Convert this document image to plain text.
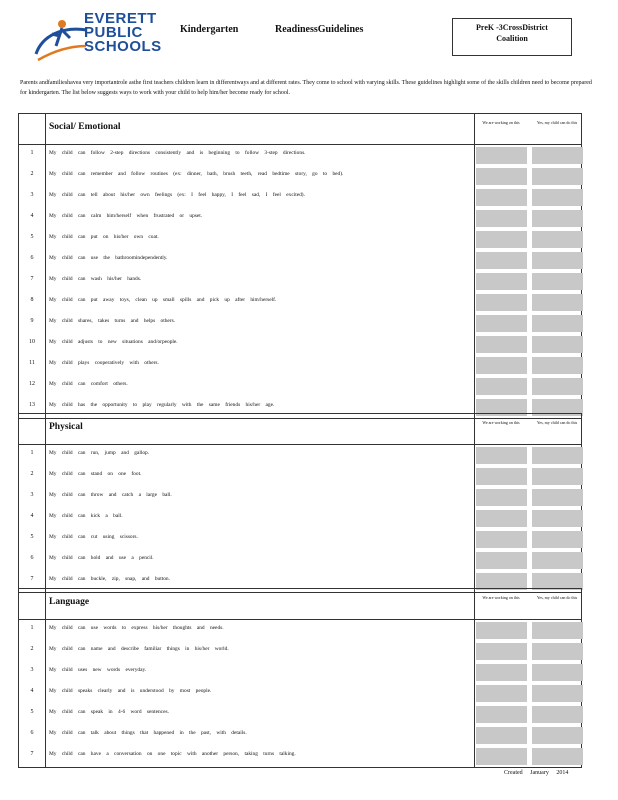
EVERETT
PUBLIC
SCHOOLS
Kindergarten	ReadinessGuidelines	PreK -3CrossDistrict
Coalition
Parents andfamilieshavea very importantrole asthe first teachers children learn in differentways and at different rates. They come to school with varying skills. These guidelines highlight some of the skills children need to become prepared for kindergarten. The list below suggests ways to work with your child to help him/her become ready for school.
Social/ Emotional	We are working on this	Yes, my child can do this
1	My child can follow 2-step directions consistently and is beginning to follow 3-step directions.
2	My child can remember and follow routines (ex: dinner, bath, brush teeth, read bedtime story, go to bed).
3	My child can tell about his/her own feelings (ex: I feel happy, I feel sad, I feel excited).
4	My child can calm him/herself when frustrated or upset.
5	My child can put on his/her own coat.
6	My child can use the bathroomindependently.
7	My child can wash his/her hands.
8	My child can put away toys, clean up small spills and pick up after him/herself.
9	My child shares, takes turns and helps others.
10	My child adjusts to new situations and/orpeople.
11	My child plays cooperatively with others.
12	My child can comfort others.
13	My child has the opportunity to play regularly with the same friends his/her age.
Physical	We are working on this	Yes, my child can do this
1	My child can run, jump and gallop.
2	My child can stand on one foot.
3	My child can throw and catch a large ball.
4	My child can kick a ball.
5	My child can cut using scissors.
6	My child can hold and use a pencil.
7	My child can buckle, zip, snap, and button.
Language	We are working on this	Yes, my child can do this
1	My child can use words to express his/her thoughts and needs.
2	My child can name and describe familiar things in his/her world.
3	My child uses new words everyday.
4	My child speaks clearly and is understood by most people.
5	My child can speak in 4-6 word sentences.
6	My child can talk about things that happened in the past, with details.
7	My child can have a conversation on one topic with another person, taking turns talking.
Created January 2014
